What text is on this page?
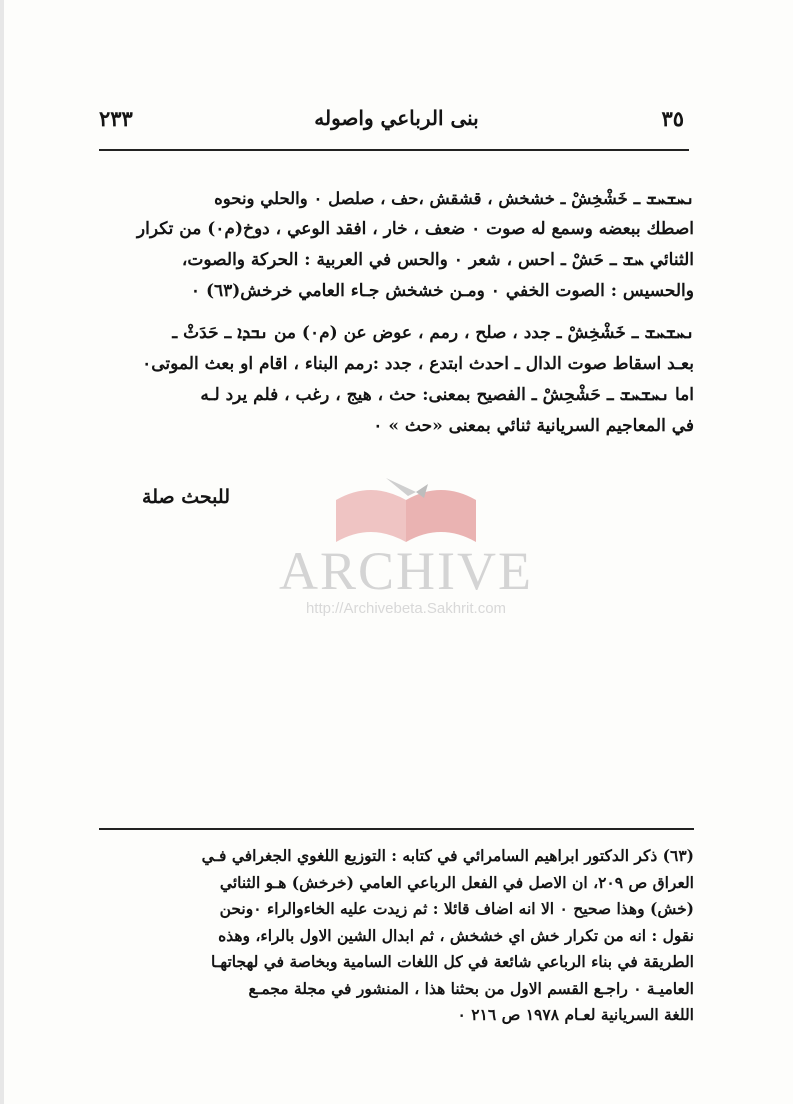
٣٥
بنى الرباعي واصوله
٢٣٣
ܢܚܫܚܫ ـ خَشْخِشْ ـ خشخش ، قشقش ،حف ، صلصل ٠ والحلي ونحوه
اصطك ببعضه وسمع له صوت ٠ ضعف ، خار ، افقد الوعي ، دوخ(م٠) من تكرار
الثنائي ܚܫ ـ حَشْ ـ احس ، شعر ٠ والحس في العربية : الحركة والصوت،
والحسيس : الصوت الخفي ٠ ومـن خشخش جـاء العامي خرخش(٦٣) ٠
ܢܚܫܚܫ ـ خَشْخِشْ ـ جدد ، صلح ، رمم ، عوض عن (م٠) من ܢܒܕܐ ـ حَدَثْ ـ
بعـد اسقاط صوت الدال ـ احدث ابتدع ، جدد :رمم البناء ، اقام او بعث الموتى٠
اما ܢܚܫܚܫ ـ حَشْحِشْ ـ الفصيح بمعنى: حث ، هيج ، رغب ، فلم يرد لـه
في المعاجيم السريانية ثنائي بمعنى «حث » ٠
للبحث صلة
ARCHIVE
http://Archivebeta.Sakhrit.com
(٦٣) ذكر الدكتور ابراهيم السامرائي في كتابه : التوزيع اللغوي الجغرافي فـي
العراق ص ٢٠٩، ان الاصل في الفعل الرباعي العامي (خرخش) هـو الثنائي
(خش) وهذا صحيح ٠ الا انه اضاف قائلا : ثم زيدت عليه الخاءوالراء ٠ونحن
نقول : انه من تكرار خش اي خشخش ، ثم ابدال الشين الاول بالراء، وهذه
الطريقة في بناء الرباعي شائعة في كل اللغات السامية وبخاصة في لهجاتهـا
العاميـة ٠ راجـع القسم الاول من بحثنا هذا ، المنشور في مجلة مجمـع
اللغة السريانية لعـام ١٩٧٨ ص ٢١٦ ٠
